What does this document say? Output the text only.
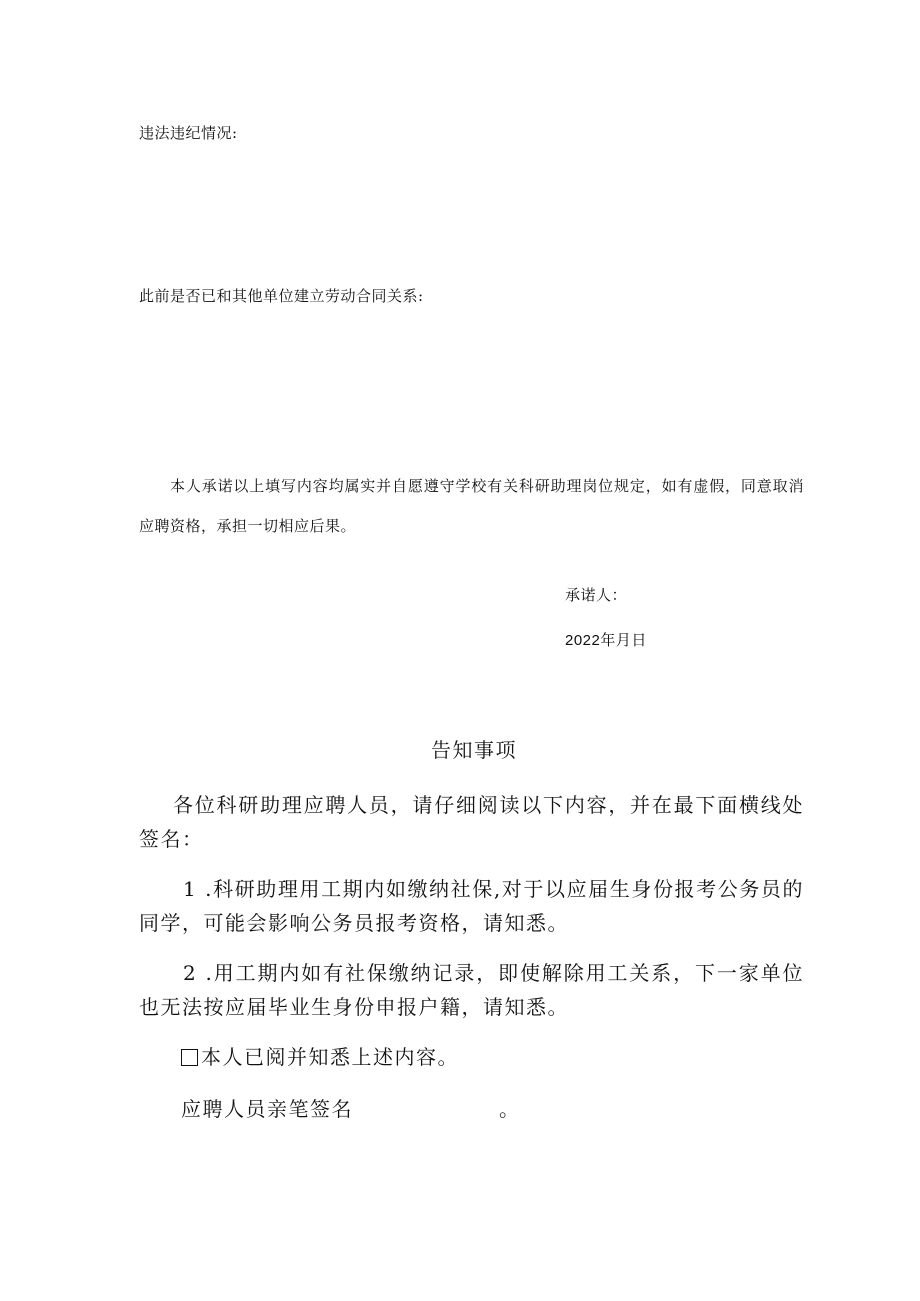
违法违纪情况:
此前是否已和其他单位建立劳动合同关系:
本人承诺以上填写内容均属实并自愿遵守学校有关科研助理岗位规定，如有虚假，同意取消应聘资格，承担一切相应后果。
承诺人：
2022年月日
告知事项
各位科研助理应聘人员，请仔细阅读以下内容，并在最下面横线处签名：
1 .科研助理用工期内如缴纳社保,对于以应届生身份报考公务员的同学，可能会影响公务员报考资格，请知悉。
2 .用工期内如有社保缴纳记录，即使解除用工关系，下一家单位也无法按应届毕业生身份申报户籍，请知悉。
本人已阅并知悉上述内容。
应聘人员亲笔签名	。
